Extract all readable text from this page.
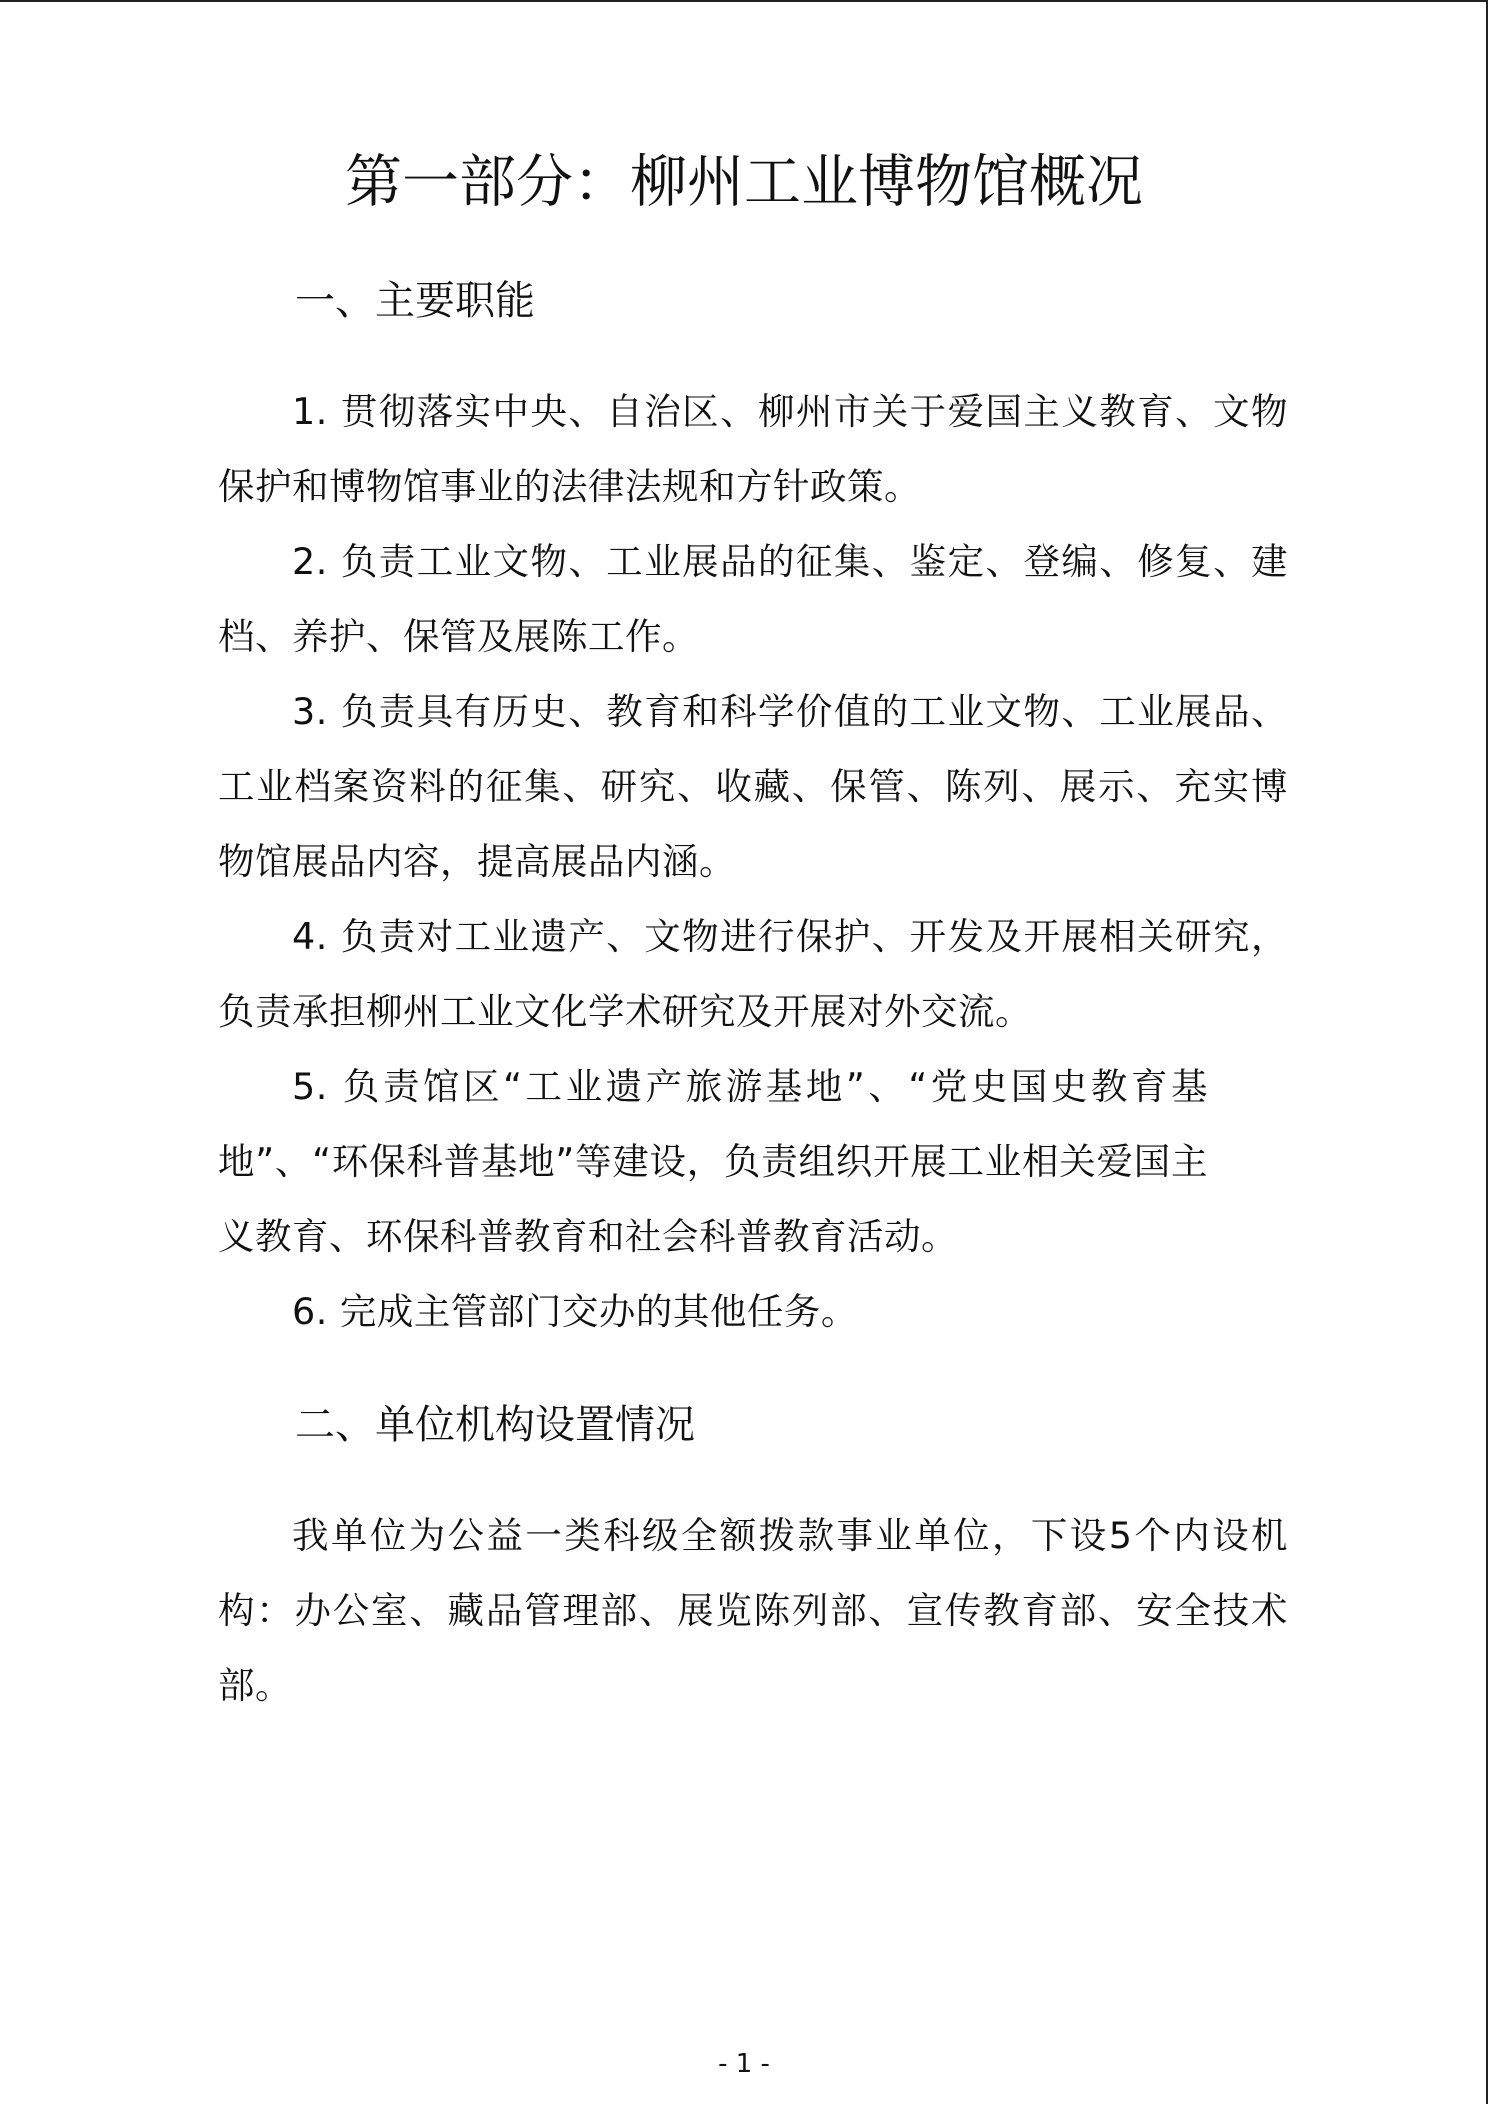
第一部分：柳州工业博物馆概况
一、主要职能
1. 贯彻落实中央、自治区、柳州市关于爱国主义教育、文物保护和博物馆事业的法律法规和方针政策。
2. 负责工业文物、工业展品的征集、鉴定、登编、修复、建档、养护、保管及展陈工作。
3. 负责具有历史、教育和科学价值的工业文物、工业展品、工业档案资料的征集、研究、收藏、保管、陈列、展示、充实博物馆展品内容，提高展品内涵。
4. 负责对工业遗产、文物进行保护、开发及开展相关研究，负责承担柳州工业文化学术研究及开展对外交流。
5. 负责馆区“工业遗产旅游基地”、“党史国史教育基地”、“环保科普基地”等建设，负责组织开展工业相关爱国主义教育、环保科普教育和社会科普教育活动。
6. 完成主管部门交办的其他任务。
二、单位机构设置情况
我单位为公益一类科级全额拨款事业单位，下设5个内设机构：办公室、藏品管理部、展览陈列部、宣传教育部、安全技术部。
- 1 -
